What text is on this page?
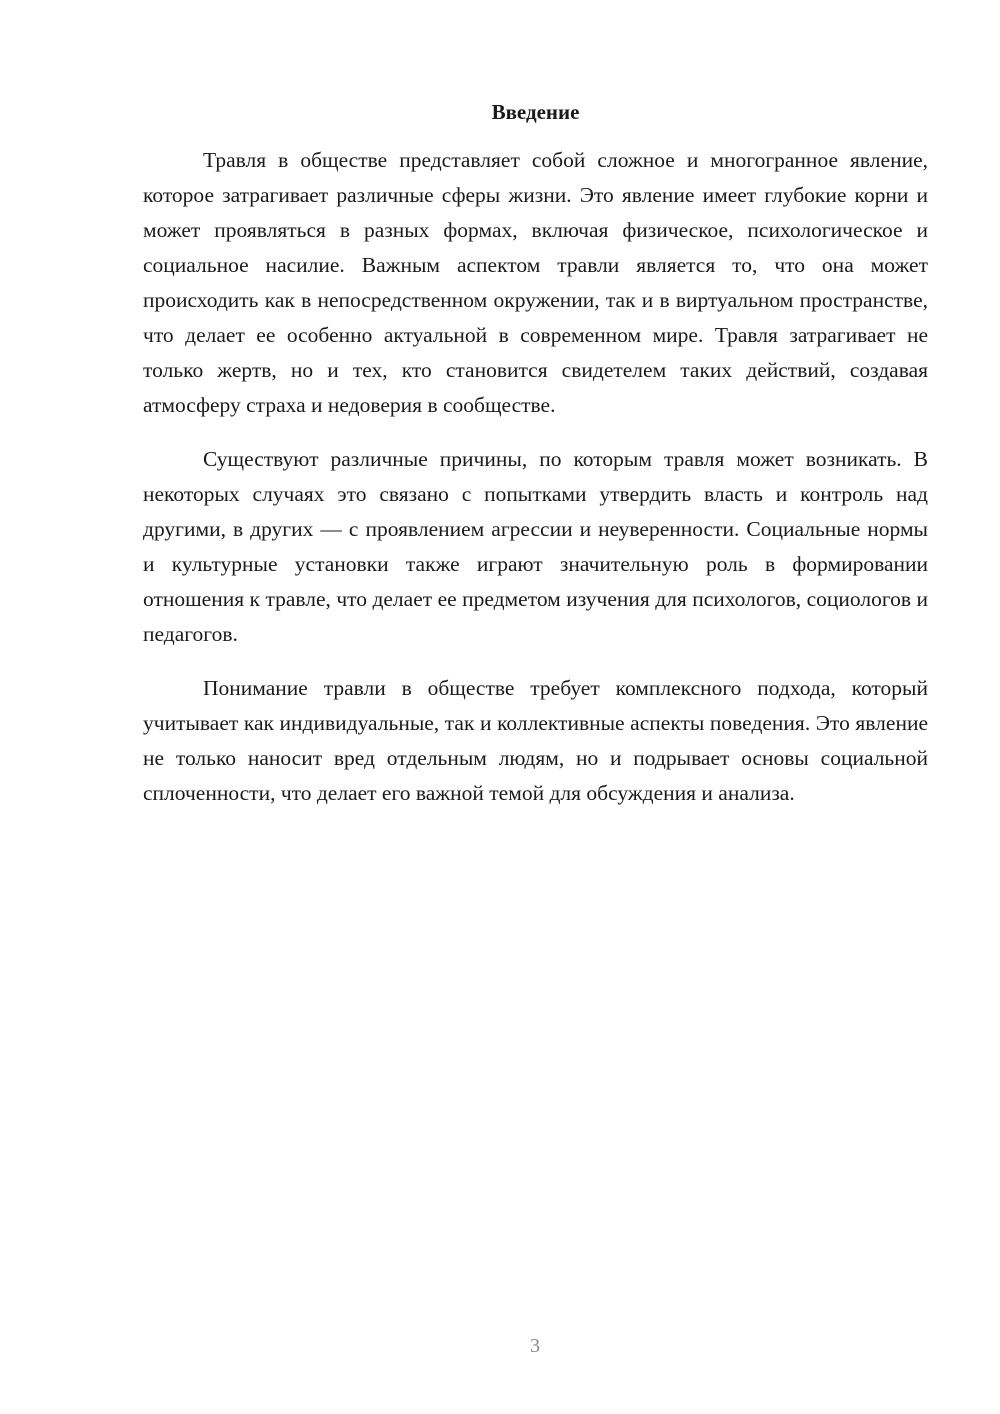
Введение

Травля в обществе представляет собой сложное и многогранное явление, которое затрагивает различные сферы жизни. Это явление имеет глубокие корни и может проявляться в разных формах, включая физическое, психологическое и социальное насилие. Важным аспектом травли является то, что она может происходить как в непосредственном окружении, так и в виртуальном пространстве, что делает ее особенно актуальной в современном мире. Травля затрагивает не только жертв, но и тех, кто становится свидетелем таких действий, создавая атмосферу страха и недоверия в сообществе.

Существуют различные причины, по которым травля может возникать. В некоторых случаях это связано с попытками утвердить власть и контроль над другими, в других — с проявлением агрессии и неуверенности. Социальные нормы и культурные установки также играют значительную роль в формировании отношения к травле, что делает ее предметом изучения для психологов, социологов и педагогов.

Понимание травли в обществе требует комплексного подхода, который учитывает как индивидуальные, так и коллективные аспекты поведения. Это явление не только наносит вред отдельным людям, но и подрывает основы социальной сплоченности, что делает его важной темой для обсуждения и анализа.

3
